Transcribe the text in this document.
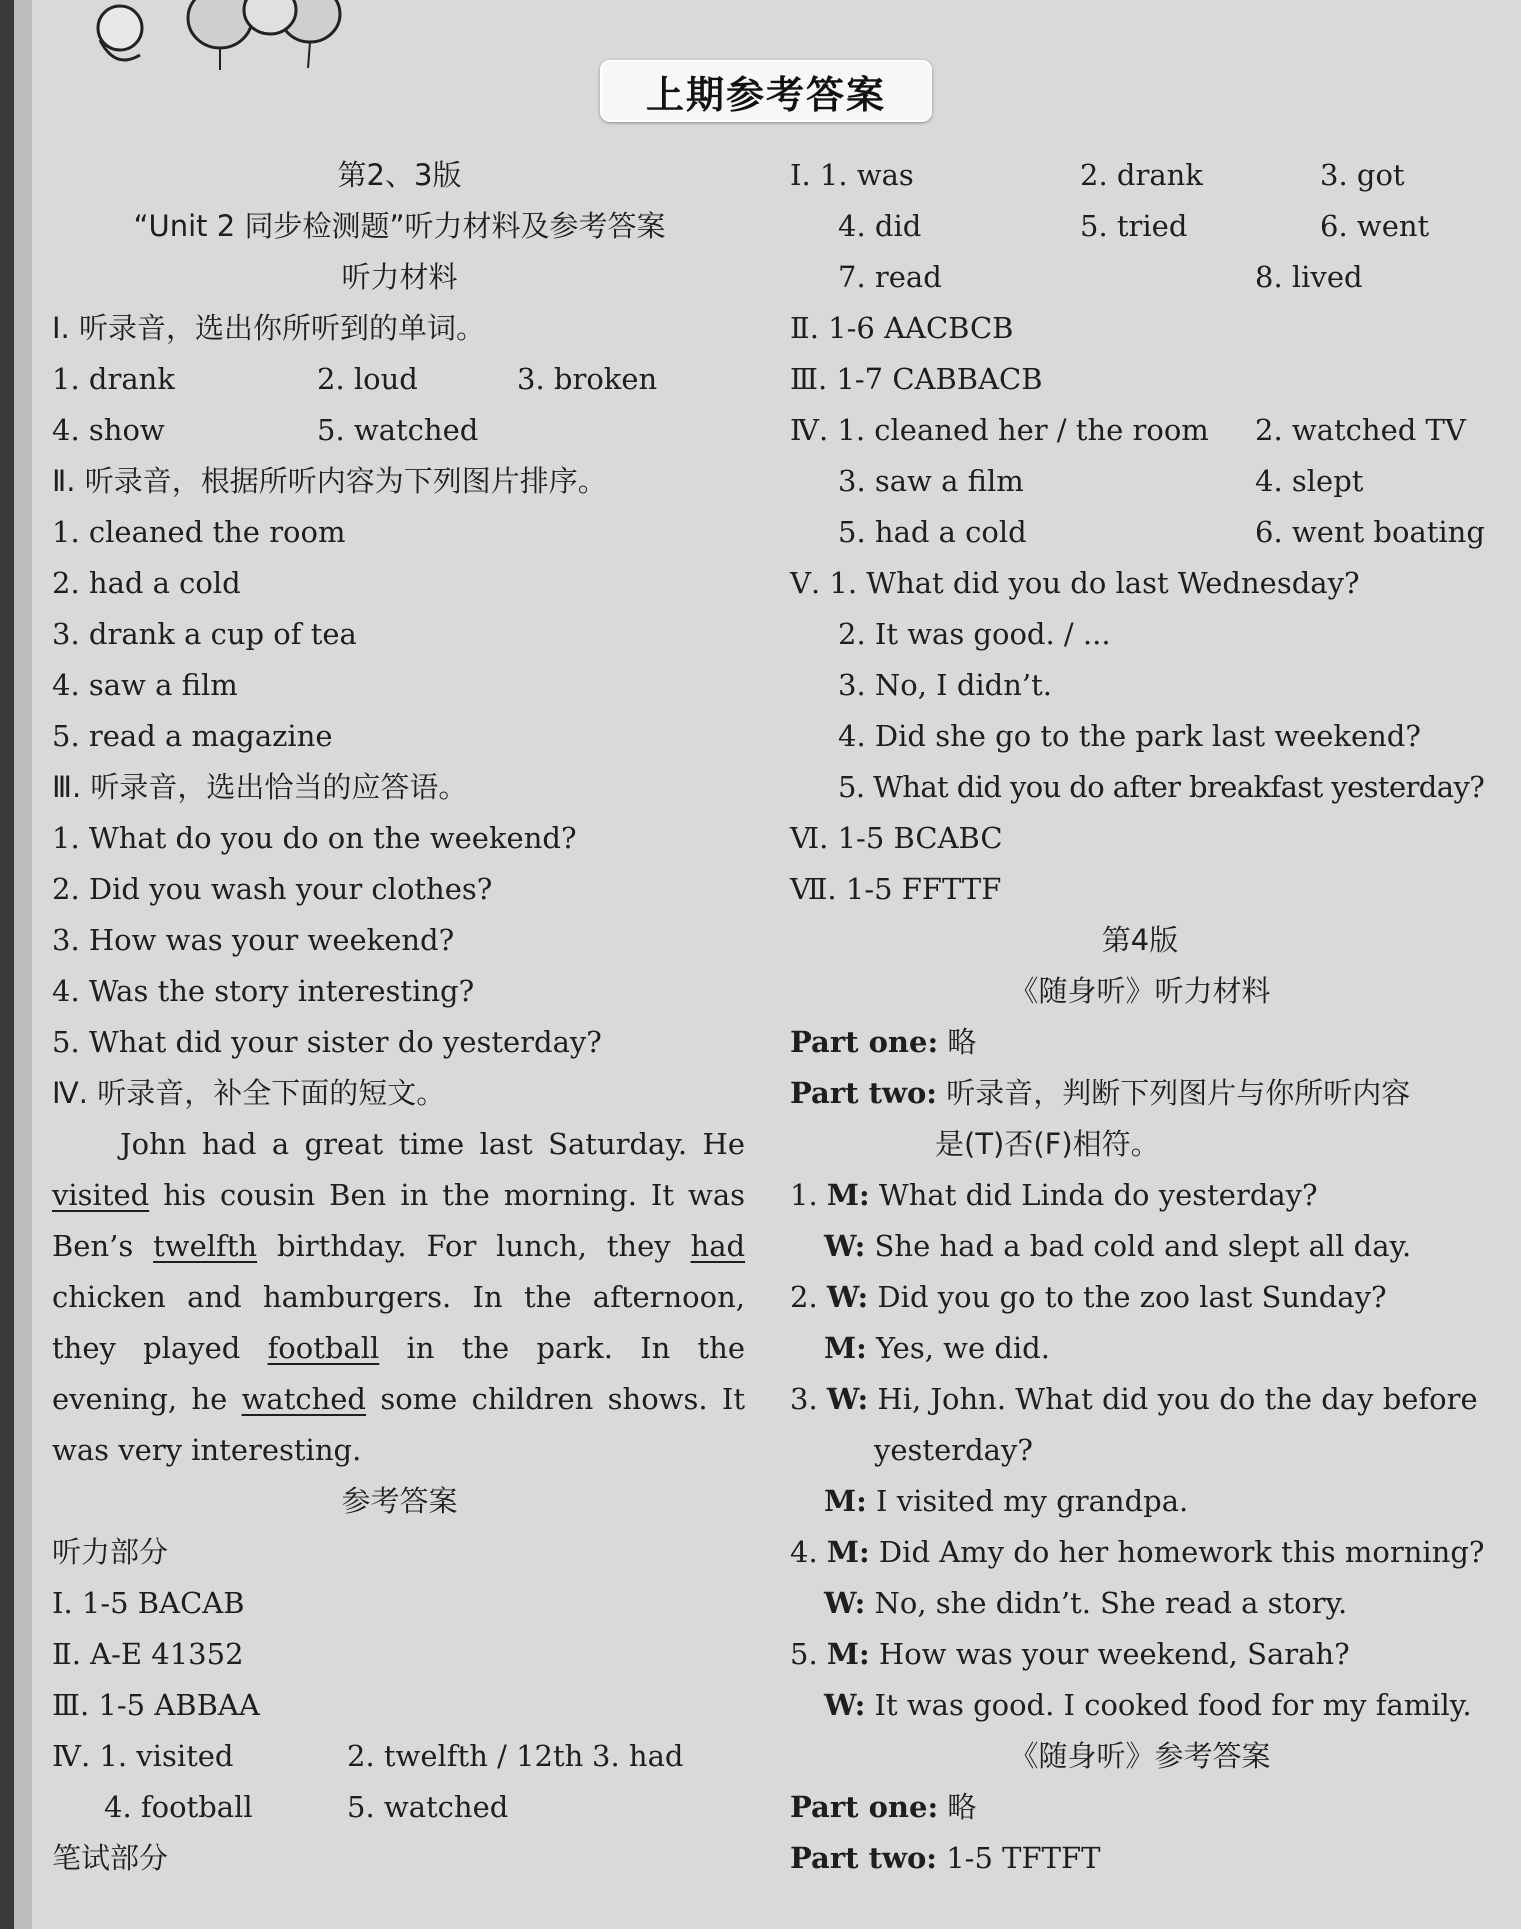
上期参考答案
第2、3版
“Unit 2 同步检测题”听力材料及参考答案
听力材料
Ⅰ. 听录音，选出你所听到的单词。
1. drank	2. loud	3. broken
4. show	5. watched
Ⅱ. 听录音，根据所听内容为下列图片排序。
1. cleaned the room
2. had a cold
3. drank a cup of tea
4. saw a film
5. read a magazine
Ⅲ. 听录音，选出恰当的应答语。
1. What do you do on the weekend?
2. Did you wash your clothes?
3. How was your weekend?
4. Was the story interesting?
5. What did your sister do yesterday?
Ⅳ. 听录音，补全下面的短文。
John had a great time last Saturday. He
visited his cousin Ben in the morning. It was
Ben’s twelfth birthday. For lunch, they had
chicken and hamburgers. In the afternoon,
they played football in the park. In the
evening, he watched some children shows. It
was very interesting.
参考答案
听力部分
Ⅰ. 1-5 BACAB
Ⅱ. A-E 41352
Ⅲ. 1-5 ABBAA
Ⅳ. 1. visited	2. twelfth / 12th 3. had
4. football	5. watched
笔试部分
Ⅰ. 1. was	2. drank	3. got
4. did	5. tried	6. went
7. read	8. lived
Ⅱ. 1-6 AACBCB
Ⅲ. 1-7 CABBACB
Ⅳ. 1. cleaned her / the room 2. watched TV
3. saw a film	4. slept
5. had a cold	6. went boating
Ⅴ. 1. What did you do last Wednesday?
2. It was good. / ...
3. No, I didn’t.
4. Did she go to the park last weekend?
5. What did you do after breakfast yesterday?
Ⅵ. 1-5 BCABC
Ⅶ. 1-5 FFTTF
第4版
《随身听》听力材料
Part one: 略
Part two: 听录音，判断下列图片与你所听内容
是(T)否(F)相符。
1. M: What did Linda do yesterday?
W: She had a bad cold and slept all day.
2. W: Did you go to the zoo last Sunday?
M: Yes, we did.
3. W: Hi, John. What did you do the day before
yesterday?
M: I visited my grandpa.
4. M: Did Amy do her homework this morning?
W: No, she didn’t. She read a story.
5. M: How was your weekend, Sarah?
W: It was good. I cooked food for my family.
《随身听》参考答案
Part one: 略
Part two: 1-5 TFTFT
